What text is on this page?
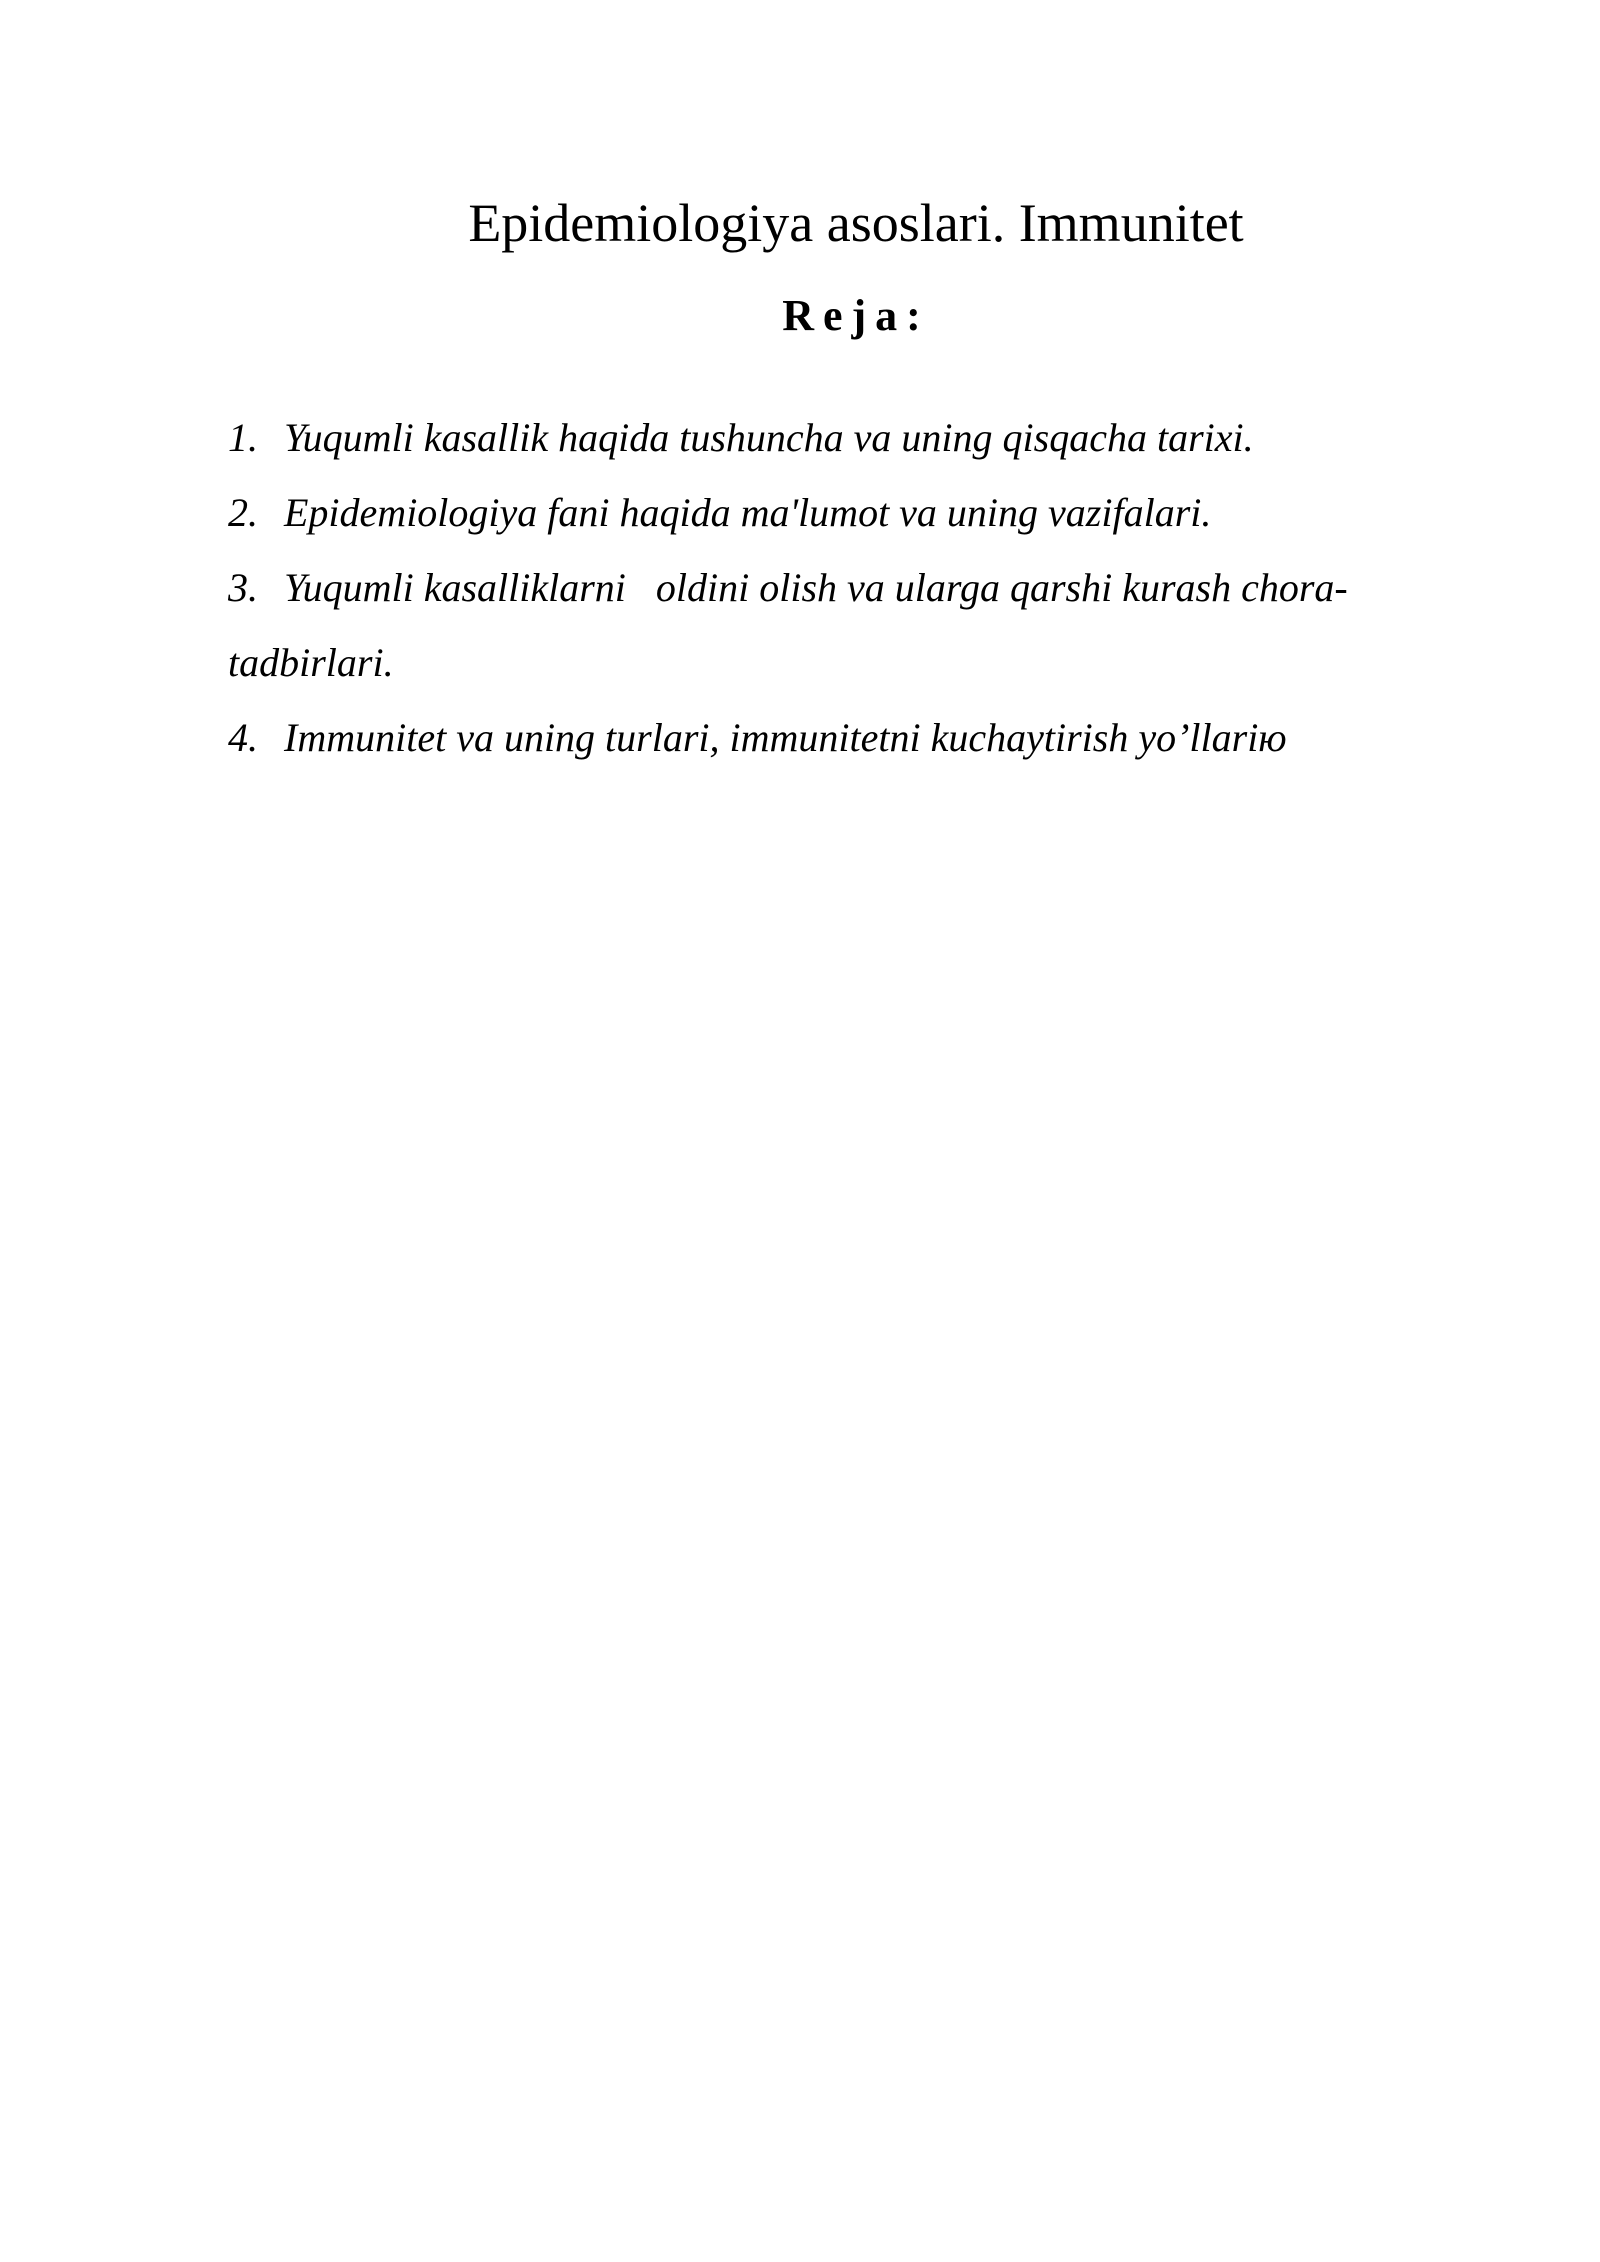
Epidemiologiya asoslari. Immunitet
Reja:
1. Yuqumli kasallik haqida tushuncha va uning qisqacha tarixi.
2. Epidemiologiya fani haqida ma'lumot va uning vazifalari.
3. Yuqumli kasalliklarni   oldini olish va ularga qarshi kurash chora-tadbirlari.
4. Immunitet va uning turlari, immunitetni kuchaytirish yo’llariю
